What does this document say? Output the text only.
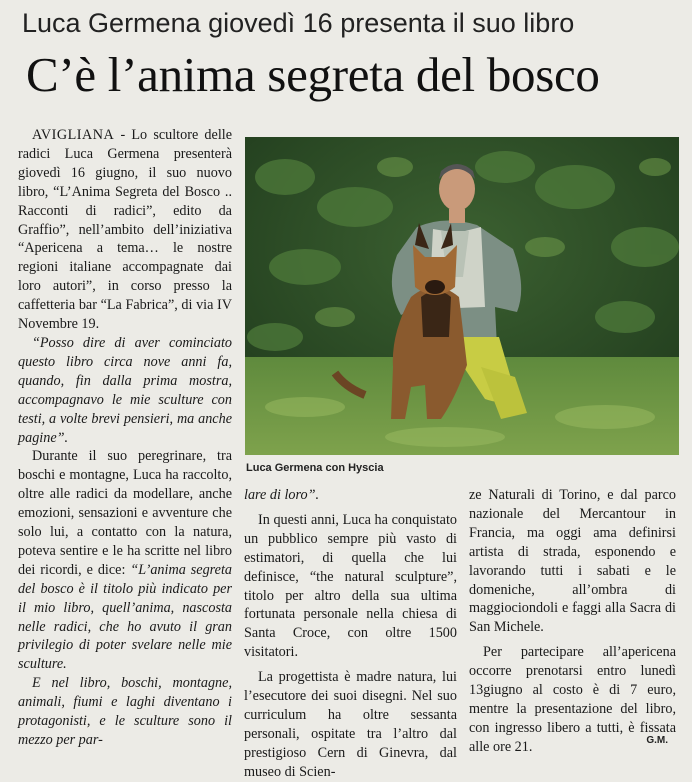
Luca Germena giovedì 16 presenta il suo libro
C’è l’anima segreta del bosco

AVIGLIANA - Lo scultore delle radici Luca Germena presenterà giovedì 16 giugno, il suo nuovo libro, “L’Anima Segreta del Bosco .. Racconti di radici”, edito da Graffio”, nell’ambito dell’iniziativa “Apericena a tema… le nostre regioni italiane accompagnate dai loro autori”, in corso presso la caffetteria bar “La Fabrica”, di via IV Novembre 19.

“Posso dire di aver cominciato questo libro circa nove anni fa, quando, fin dalla prima mostra, accompagnavo le mie sculture con testi, a volte brevi pensieri, ma anche pagine”.

Durante il suo peregrinare, tra boschi e montagne, Luca ha raccolto, oltre alle radici da modellare, anche emozioni, sensazioni e avventure che solo lui, a contatto con la natura, poteva sentire e le ha scritte nel libro dei ricordi, e dice: “L’anima segreta del bosco è il titolo più indicato per il mio libro, quell’anima, nascosta nelle radici, che ho avuto il gran privilegio di poter svelare nelle mie sculture.

E nel libro, boschi, montagne, animali, fiumi e laghi diventano i protagonisti, e le sculture sono il mezzo per par-

Luca Germena con Hyscia

lare di loro”.

In questi anni, Luca ha conquistato un pubblico sempre più vasto di estimatori, di quella che lui definisce, “the natural sculpture”, titolo per altro della sua ultima fortunata personale nella chiesa di Santa Croce, con oltre 1500 visitatori.

La progettista è madre natura, lui l’esecutore dei suoi disegni. Nel suo curriculum ha oltre sessanta personali, ospitate tra l’altro dal prestigioso Cern di Ginevra, dal museo di Scien-

ze Naturali di Torino, e dal parco nazionale del Mercantour in Francia, ma oggi ama definirsi artista di strada, esponendo e lavorando tutti i sabati e le domeniche, all’ombra di maggiociondoli e faggi alla Sacra di San Michele.

Per partecipare all’apericena occorre prenotarsi entro lunedì 13giugno al costo è di 7 euro, mentre la presentazione del libro, con ingresso libero a tutti, è fissata alle ore 21.	G.M.
